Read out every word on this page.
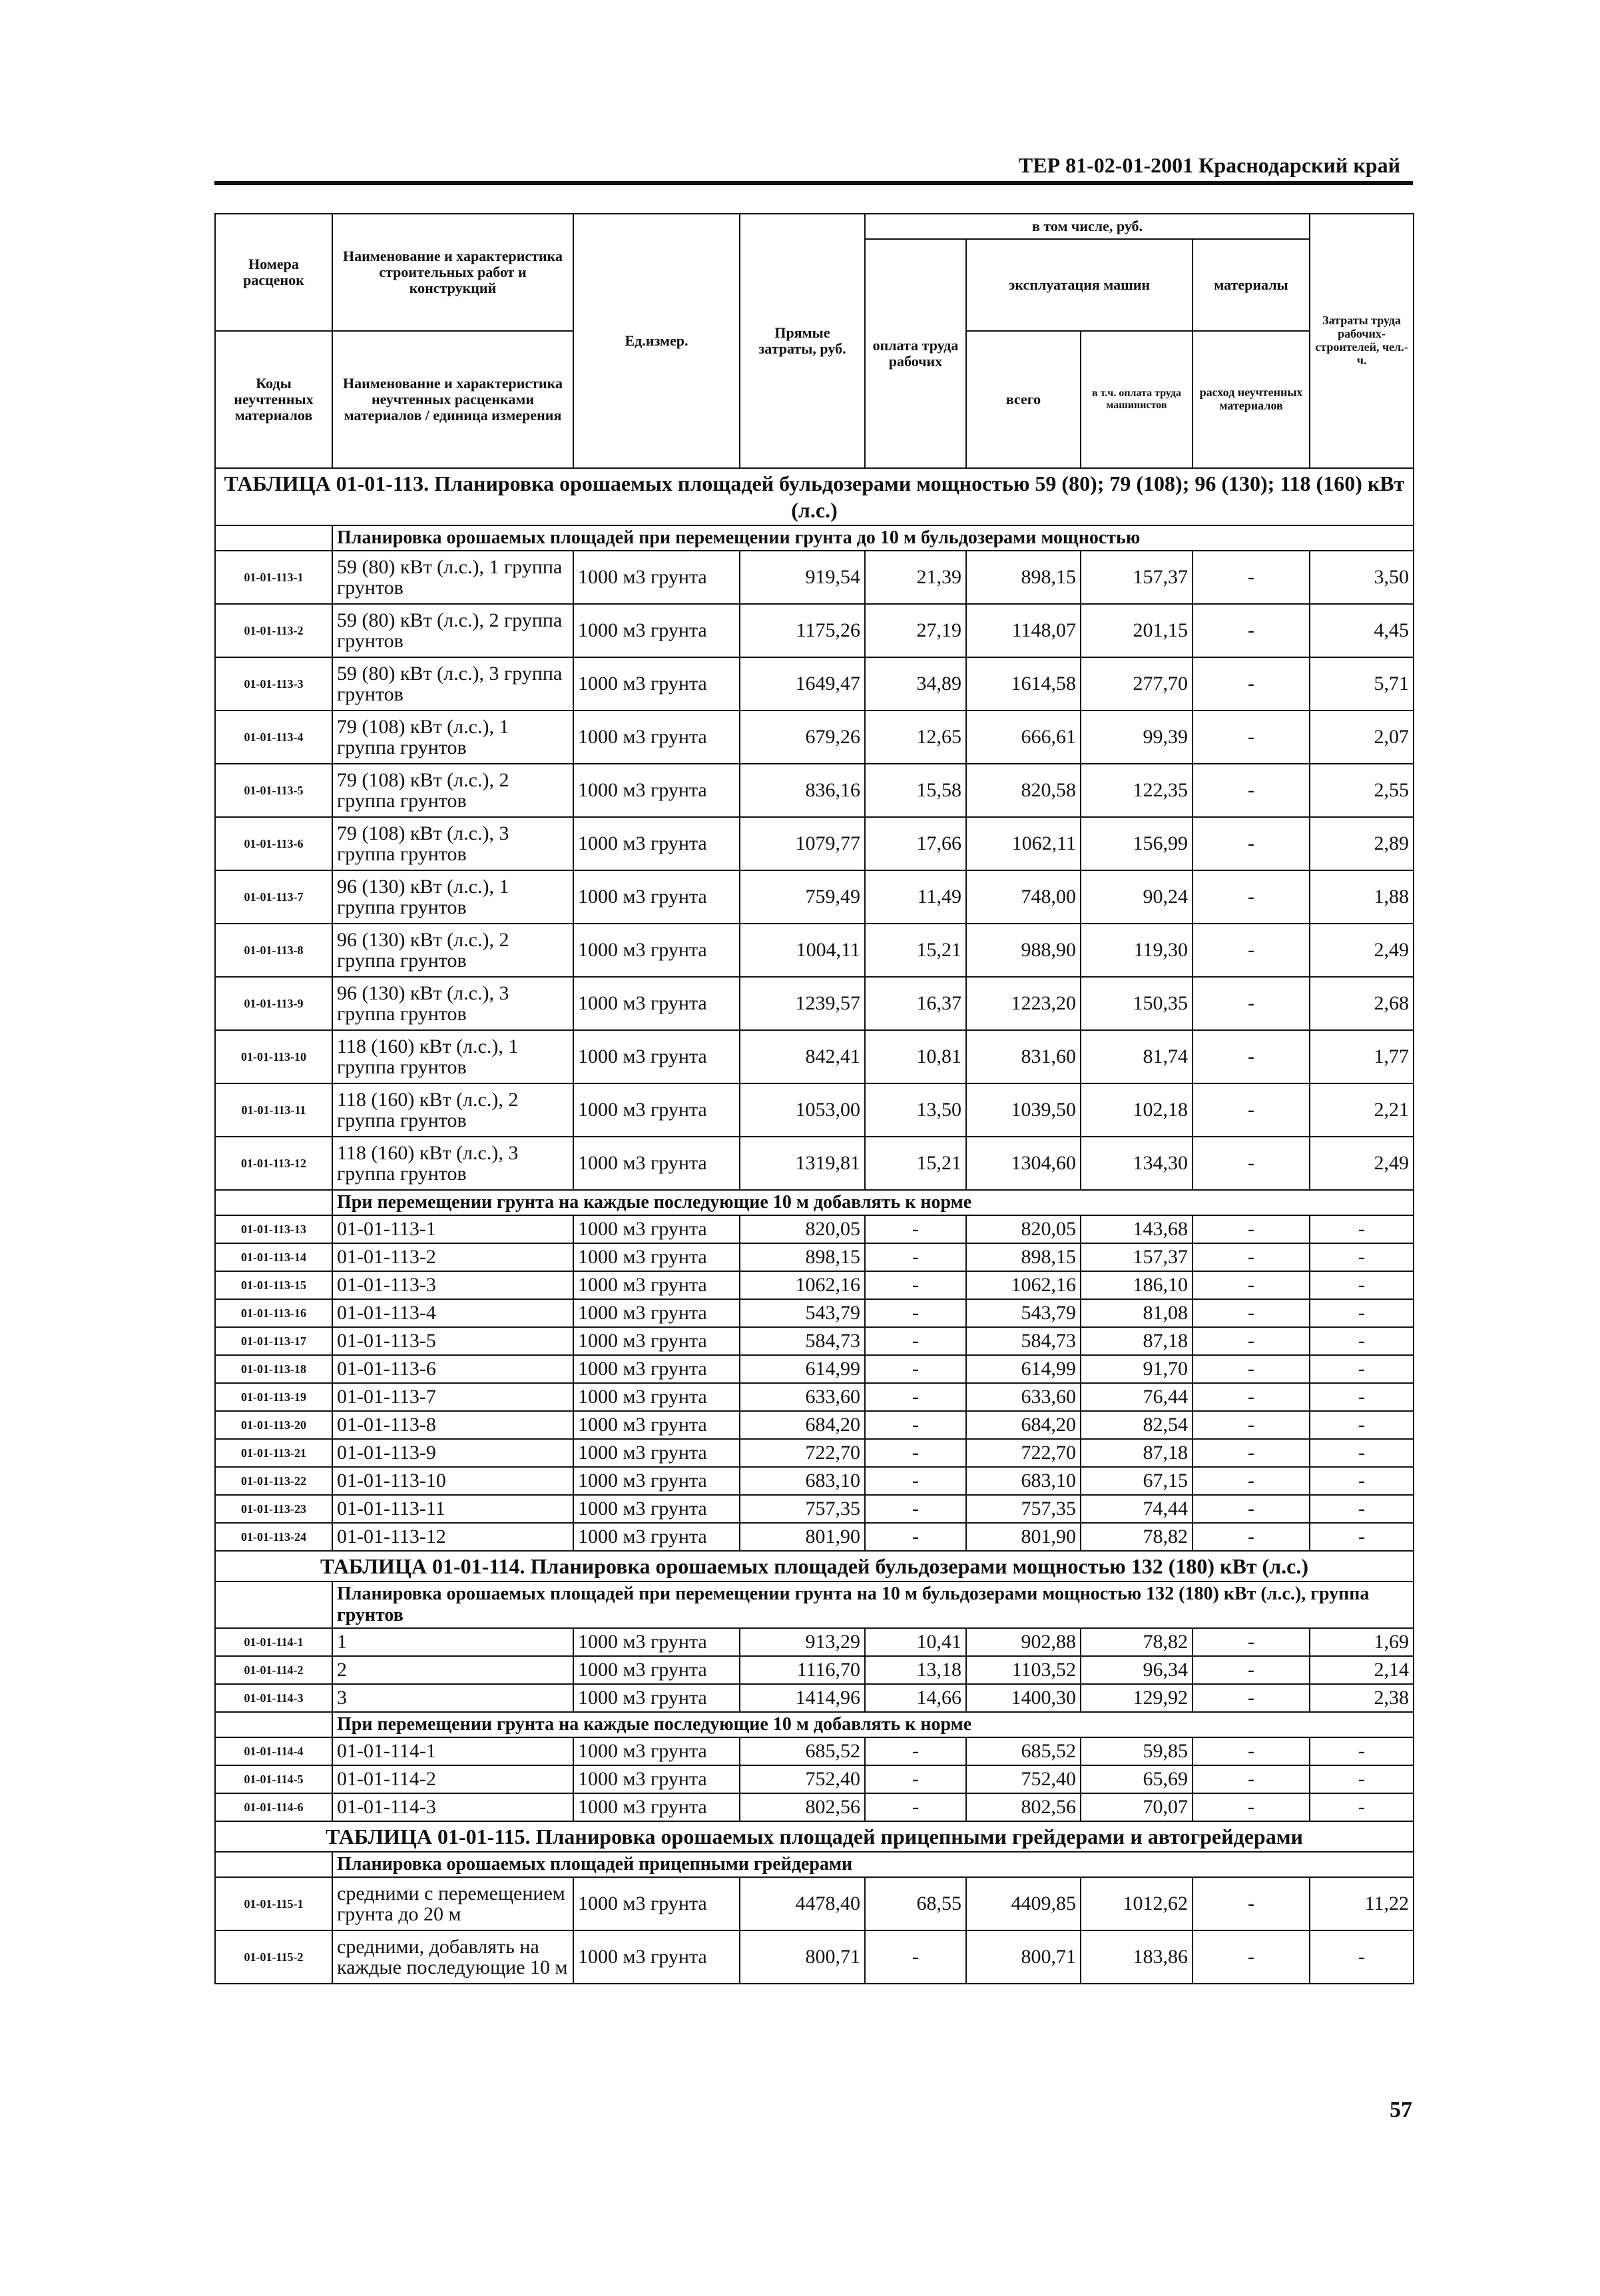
ТЕР 81-02-01-2001 Краснодарский край
Номера расценок	Наименование и характеристика строительных работ и конструкций	Ед.измер.	Прямые затраты, руб.	в том числе, руб.				Затраты труда рабочих-строителей, чел.-ч.
				оплата труда рабочих	эксплуатация машин		материалы	
Коды неучтенных материалов	Наименование и характеристика неучтенных расценками материалов / единица измерения				всего	в т.ч. оплата труда машинистов	расход неучтенных материалов	

ТАБЛИЦА 01-01-113. Планировка орошаемых площадей бульдозерами мощностью 59 (80); 79 (108); 96 (130); 118 (160) кВт (л.с.)								
	Планировка орошаемых площадей при перемещении грунта до 10 м бульдозерами мощностью							
01-01-113-1	59 (80) кВт (л.с.), 1 группа грунтов	1000 м3 грунта	919,54	21,39	898,15	157,37	-	3,50
01-01-113-2	59 (80) кВт (л.с.), 2 группа грунтов	1000 м3 грунта	1175,26	27,19	1148,07	201,15	-	4,45
01-01-113-3	59 (80) кВт (л.с.), 3 группа грунтов	1000 м3 грунта	1649,47	34,89	1614,58	277,70	-	5,71
01-01-113-4	79 (108) кВт (л.с.), 1 группа грунтов	1000 м3 грунта	679,26	12,65	666,61	99,39	-	2,07
01-01-113-5	79 (108) кВт (л.с.), 2 группа грунтов	1000 м3 грунта	836,16	15,58	820,58	122,35	-	2,55
01-01-113-6	79 (108) кВт (л.с.), 3 группа грунтов	1000 м3 грунта	1079,77	17,66	1062,11	156,99	-	2,89
01-01-113-7	96 (130) кВт (л.с.), 1 группа грунтов	1000 м3 грунта	759,49	11,49	748,00	90,24	-	1,88
01-01-113-8	96 (130) кВт (л.с.), 2 группа грунтов	1000 м3 грунта	1004,11	15,21	988,90	119,30	-	2,49
01-01-113-9	96 (130) кВт (л.с.), 3 группа грунтов	1000 м3 грунта	1239,57	16,37	1223,20	150,35	-	2,68
01-01-113-10	118 (160) кВт (л.с.), 1 группа грунтов	1000 м3 грунта	842,41	10,81	831,60	81,74	-	1,77
01-01-113-11	118 (160) кВт (л.с.), 2 группа грунтов	1000 м3 грунта	1053,00	13,50	1039,50	102,18	-	2,21
01-01-113-12	118 (160) кВт (л.с.), 3 группа грунтов	1000 м3 грунта	1319,81	15,21	1304,60	134,30	-	2,49
	При перемещении грунта на каждые последующие 10 м добавлять к норме							
01-01-113-13	01-01-113-1	1000 м3 грунта	820,05	-	820,05	143,68	-	-
01-01-113-14	01-01-113-2	1000 м3 грунта	898,15	-	898,15	157,37	-	-
01-01-113-15	01-01-113-3	1000 м3 грунта	1062,16	-	1062,16	186,10	-	-
01-01-113-16	01-01-113-4	1000 м3 грунта	543,79	-	543,79	81,08	-	-
01-01-113-17	01-01-113-5	1000 м3 грунта	584,73	-	584,73	87,18	-	-
01-01-113-18	01-01-113-6	1000 м3 грунта	614,99	-	614,99	91,70	-	-
01-01-113-19	01-01-113-7	1000 м3 грунта	633,60	-	633,60	76,44	-	-
01-01-113-20	01-01-113-8	1000 м3 грунта	684,20	-	684,20	82,54	-	-
01-01-113-21	01-01-113-9	1000 м3 грунта	722,70	-	722,70	87,18	-	-
01-01-113-22	01-01-113-10	1000 м3 грунта	683,10	-	683,10	67,15	-	-
01-01-113-23	01-01-113-11	1000 м3 грунта	757,35	-	757,35	74,44	-	-
01-01-113-24	01-01-113-12	1000 м3 грунта	801,90	-	801,90	78,82	-	-
ТАБЛИЦА 01-01-114. Планировка орошаемых площадей бульдозерами мощностью 132 (180) кВт (л.с.)								
	Планировка орошаемых площадей при перемещении грунта на 10 м бульдозерами мощностью 132 (180) кВт (л.с.), группа грунтов							
01-01-114-1	1	1000 м3 грунта	913,29	10,41	902,88	78,82	-	1,69
01-01-114-2	2	1000 м3 грунта	1116,70	13,18	1103,52	96,34	-	2,14
01-01-114-3	3	1000 м3 грунта	1414,96	14,66	1400,30	129,92	-	2,38
	При перемещении грунта на каждые последующие 10 м добавлять к норме							
01-01-114-4	01-01-114-1	1000 м3 грунта	685,52	-	685,52	59,85	-	-
01-01-114-5	01-01-114-2	1000 м3 грунта	752,40	-	752,40	65,69	-	-
01-01-114-6	01-01-114-3	1000 м3 грунта	802,56	-	802,56	70,07	-	-
ТАБЛИЦА 01-01-115. Планировка орошаемых площадей прицепными грейдерами и автогрейдерами								
	Планировка орошаемых площадей прицепными грейдерами							
01-01-115-1	средними с перемещением грунта до 20 м	1000 м3 грунта	4478,40	68,55	4409,85	1012,62	-	11,22
01-01-115-2	средними, добавлять на каждые последующие 10 м	1000 м3 грунта	800,71	-	800,71	183,86	-	-
57
